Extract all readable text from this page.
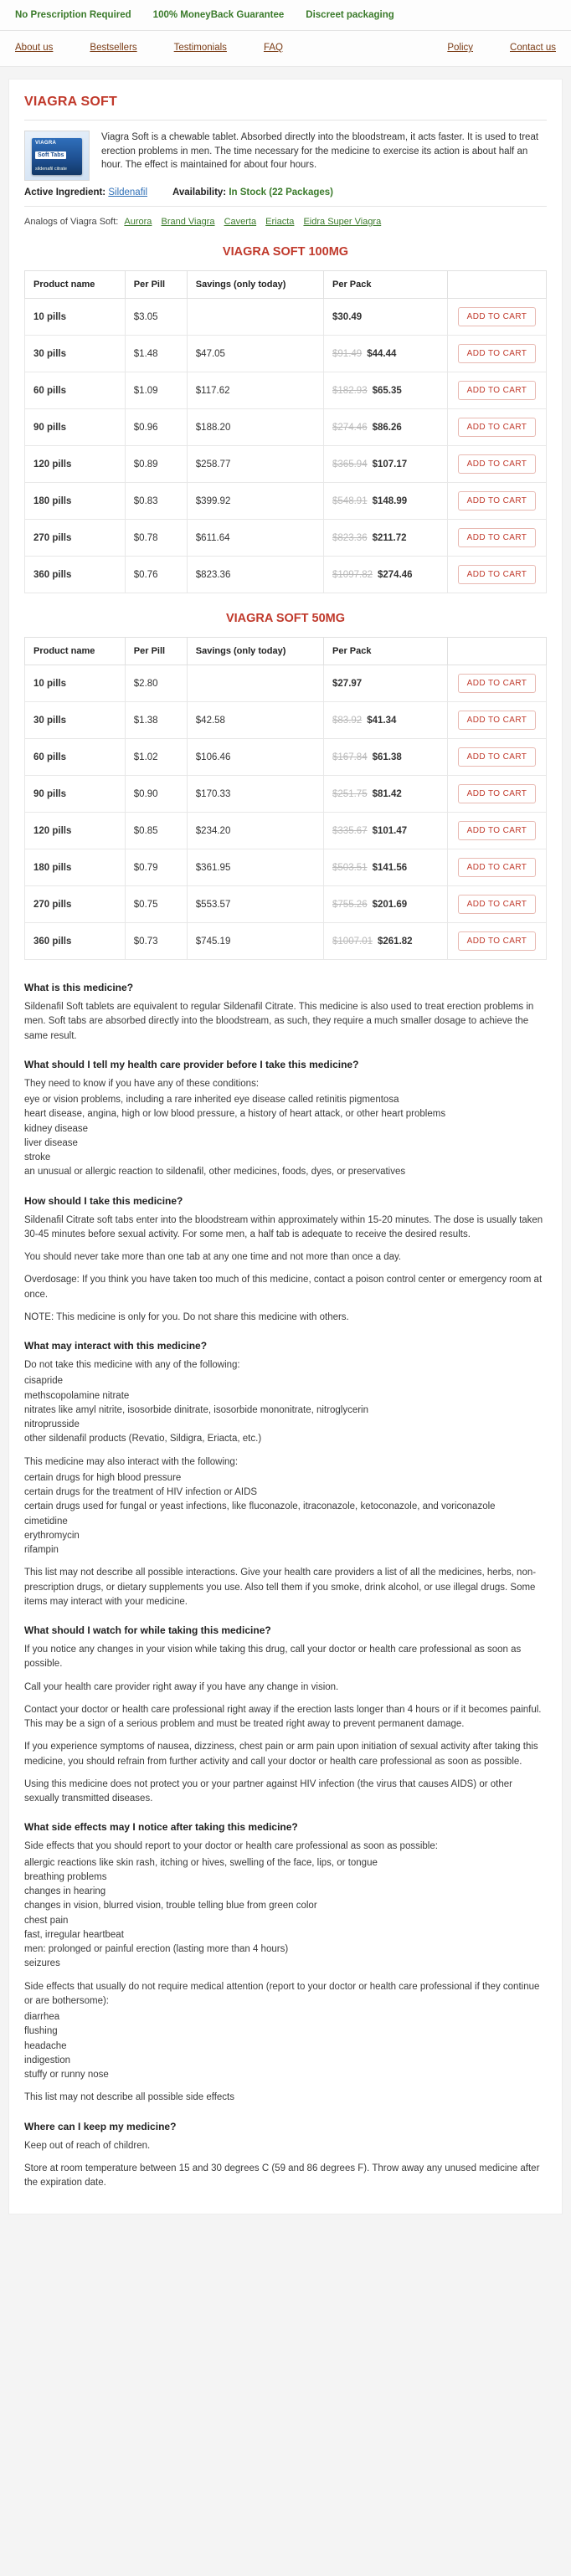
No Prescription Required 100% MoneyBack Guarantee Discreet packaging
About us	Bestsellers	Testimonials	FAQ	Policy	Contact us
VIAGRA SOFT
VIAGRA
Soft Tabs
sildenafil citrate
Viagra Soft is a chewable tablet. Absorbed directly into the bloodstream, it acts faster. It is used to treat erection problems in men. The time necessary for the medicine to exercise its action is about half an hour. The effect is maintained for about four hours.
Active Ingredient: Sildenafil	Availability: In Stock (22 Packages)
Analogs of Viagra Soft: Aurora Brand Viagra Caverta Eriacta Eidra Super Viagra
VIAGRA SOFT 100MG
Product name	Per Pill	Savings (only today)	Per Pack	
10 pills	$3.05		$30.49	ADD TO CART
30 pills	$1.48	$47.05	$91.49 $44.44	ADD TO CART
60 pills	$1.09	$117.62	$182.93 $65.35	ADD TO CART
90 pills	$0.96	$188.20	$274.46 $86.26	ADD TO CART
120 pills	$0.89	$258.77	$365.94 $107.17	ADD TO CART
180 pills	$0.83	$399.92	$548.91 $148.99	ADD TO CART
270 pills	$0.78	$611.64	$823.36 $211.72	ADD TO CART
360 pills	$0.76	$823.36	$1097.82 $274.46	ADD TO CART
VIAGRA SOFT 50MG
Product name	Per Pill	Savings (only today)	Per Pack	
10 pills	$2.80		$27.97	ADD TO CART
30 pills	$1.38	$42.58	$83.92 $41.34	ADD TO CART
60 pills	$1.02	$106.46	$167.84 $61.38	ADD TO CART
90 pills	$0.90	$170.33	$251.75 $81.42	ADD TO CART
120 pills	$0.85	$234.20	$335.67 $101.47	ADD TO CART
180 pills	$0.79	$361.95	$503.51 $141.56	ADD TO CART
270 pills	$0.75	$553.57	$755.26 $201.69	ADD TO CART
360 pills	$0.73	$745.19	$1007.01 $261.82	ADD TO CART
What is this medicine?

Sildenafil Soft tablets are equivalent to regular Sildenafil Citrate. This medicine is also used to treat erection problems in men. Soft tabs are absorbed directly into the bloodstream, as such, they require a much smaller dosage to achieve the same result.

What should I tell my health care provider before I take this medicine?

They need to know if you have any of these conditions:

eye or vision problems, including a rare inherited eye disease called retinitis pigmentosa
heart disease, angina, high or low blood pressure, a history of heart attack, or other heart problems
kidney disease
liver disease
stroke
an unusual or allergic reaction to sildenafil, other medicines, foods, dyes, or preservatives
How should I take this medicine?

Sildenafil Citrate soft tabs enter into the bloodstream within approximately within 15-20 minutes. The dose is usually taken 30-45 minutes before sexual activity. For some men, a half tab is adequate to receive the desired results.

You should never take more than one tab at any one time and not more than once a day.

Overdosage: If you think you have taken too much of this medicine, contact a poison control center or emergency room at once.

NOTE: This medicine is only for you. Do not share this medicine with others.

What may interact with this medicine?

Do not take this medicine with any of the following:

cisapride
methscopolamine nitrate
nitrates like amyl nitrite, isosorbide dinitrate, isosorbide mononitrate, nitroglycerin
nitroprusside
other sildenafil products (Revatio, Sildigra, Eriacta, etc.)

This medicine may also interact with the following:

certain drugs for high blood pressure
certain drugs for the treatment of HIV infection or AIDS
certain drugs used for fungal or yeast infections, like fluconazole, itraconazole, ketoconazole, and voriconazole
cimetidine
erythromycin
rifampin

This list may not describe all possible interactions. Give your health care providers a list of all the medicines, herbs, non-prescription drugs, or dietary supplements you use. Also tell them if you smoke, drink alcohol, or use illegal drugs. Some items may interact with your medicine.

What should I watch for while taking this medicine?

If you notice any changes in your vision while taking this drug, call your doctor or health care professional as soon as possible.

Call your health care provider right away if you have any change in vision.

Contact your doctor or health care professional right away if the erection lasts longer than 4 hours or if it becomes painful. This may be a sign of a serious problem and must be treated right away to prevent permanent damage.

If you experience symptoms of nausea, dizziness, chest pain or arm pain upon initiation of sexual activity after taking this medicine, you should refrain from further activity and call your doctor or health care professional as soon as possible.

Using this medicine does not protect you or your partner against HIV infection (the virus that causes AIDS) or other sexually transmitted diseases.

What side effects may I notice after taking this medicine?

Side effects that you should report to your doctor or health care professional as soon as possible:

allergic reactions like skin rash, itching or hives, swelling of the face, lips, or tongue
breathing problems
changes in hearing
changes in vision, blurred vision, trouble telling blue from green color
chest pain
fast, irregular heartbeat
men: prolonged or painful erection (lasting more than 4 hours)
seizures

Side effects that usually do not require medical attention (report to your doctor or health care professional if they continue or are bothersome):

diarrhea
flushing
headache
indigestion
stuffy or runny nose

This list may not describe all possible side effects

Where can I keep my medicine?

Keep out of reach of children.

Store at room temperature between 15 and 30 degrees C (59 and 86 degrees F). Throw away any unused medicine after the expiration date.
